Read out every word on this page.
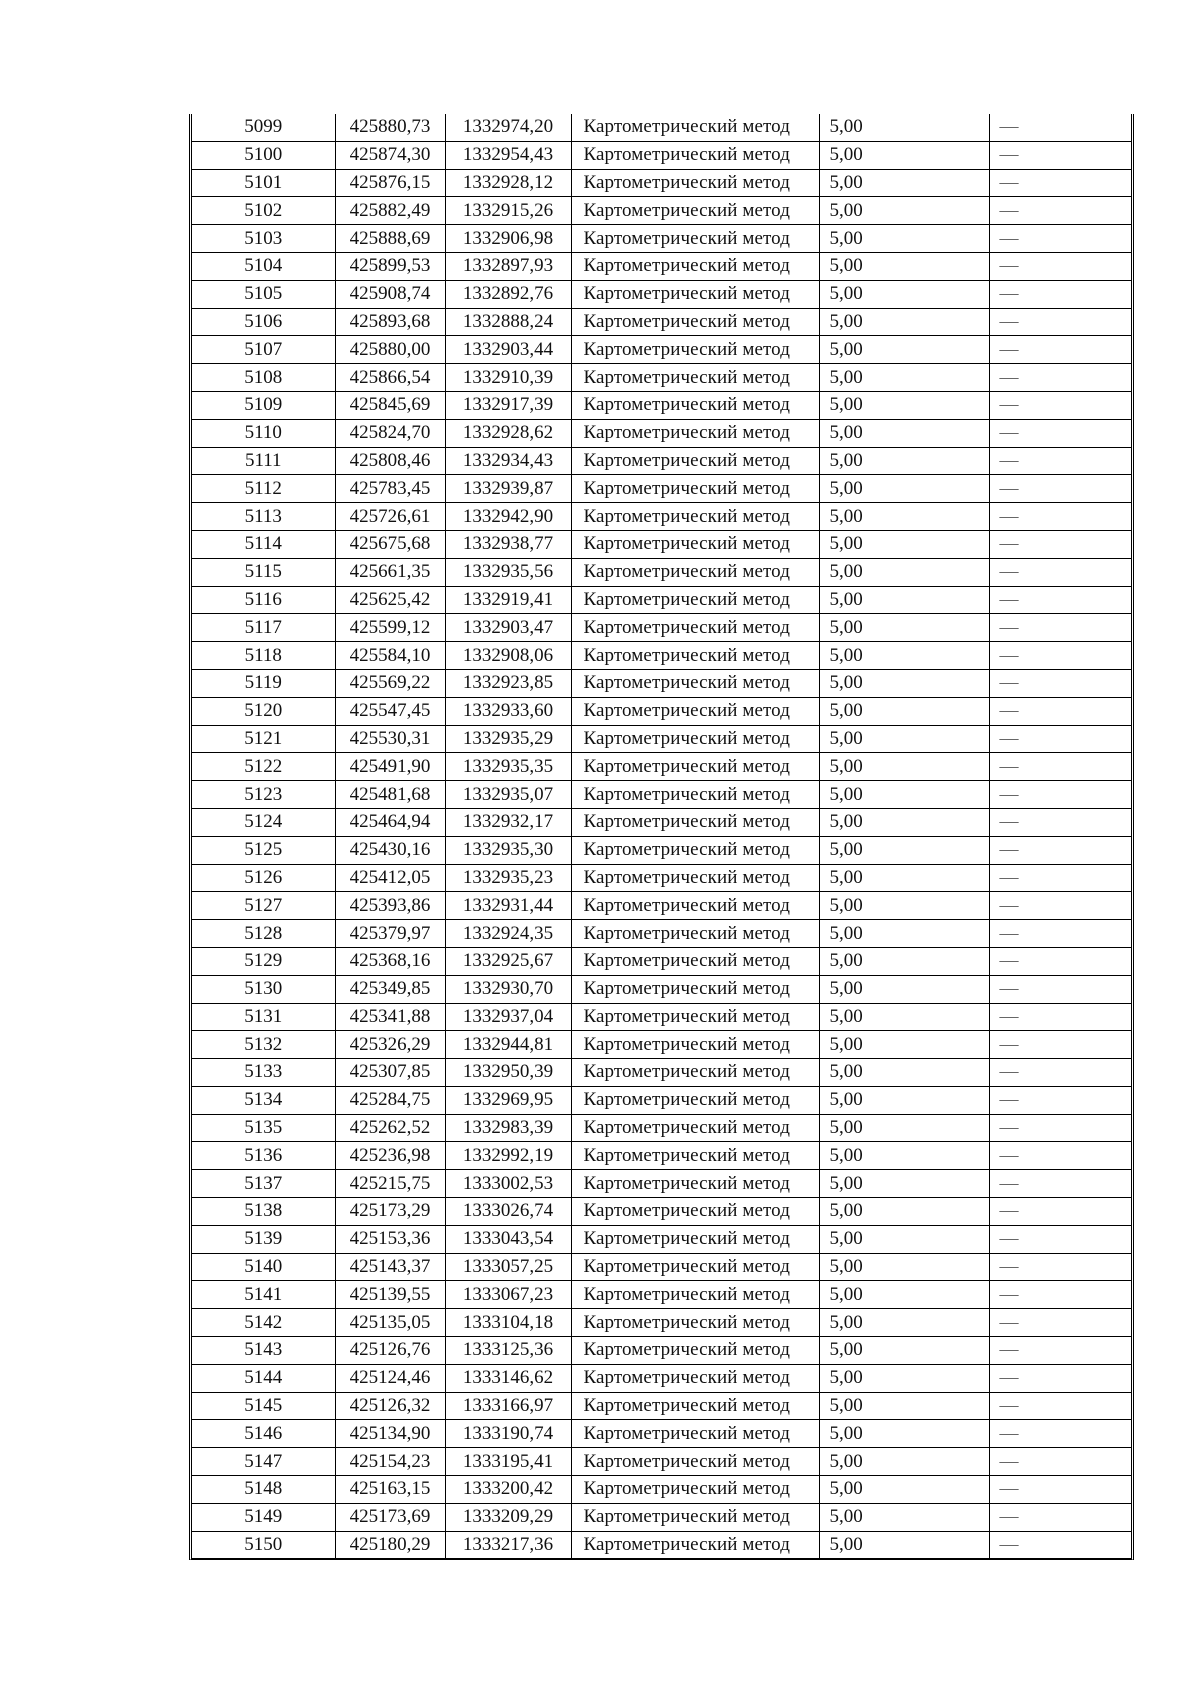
5099	425880,73	1332974,20	Картометрический метод	5,00	—
5100	425874,30	1332954,43	Картометрический метод	5,00	—
5101	425876,15	1332928,12	Картометрический метод	5,00	—
5102	425882,49	1332915,26	Картометрический метод	5,00	—
5103	425888,69	1332906,98	Картометрический метод	5,00	—
5104	425899,53	1332897,93	Картометрический метод	5,00	—
5105	425908,74	1332892,76	Картометрический метод	5,00	—
5106	425893,68	1332888,24	Картометрический метод	5,00	—
5107	425880,00	1332903,44	Картометрический метод	5,00	—
5108	425866,54	1332910,39	Картометрический метод	5,00	—
5109	425845,69	1332917,39	Картометрический метод	5,00	—
5110	425824,70	1332928,62	Картометрический метод	5,00	—
5111	425808,46	1332934,43	Картометрический метод	5,00	—
5112	425783,45	1332939,87	Картометрический метод	5,00	—
5113	425726,61	1332942,90	Картометрический метод	5,00	—
5114	425675,68	1332938,77	Картометрический метод	5,00	—
5115	425661,35	1332935,56	Картометрический метод	5,00	—
5116	425625,42	1332919,41	Картометрический метод	5,00	—
5117	425599,12	1332903,47	Картометрический метод	5,00	—
5118	425584,10	1332908,06	Картометрический метод	5,00	—
5119	425569,22	1332923,85	Картометрический метод	5,00	—
5120	425547,45	1332933,60	Картометрический метод	5,00	—
5121	425530,31	1332935,29	Картометрический метод	5,00	—
5122	425491,90	1332935,35	Картометрический метод	5,00	—
5123	425481,68	1332935,07	Картометрический метод	5,00	—
5124	425464,94	1332932,17	Картометрический метод	5,00	—
5125	425430,16	1332935,30	Картометрический метод	5,00	—
5126	425412,05	1332935,23	Картометрический метод	5,00	—
5127	425393,86	1332931,44	Картометрический метод	5,00	—
5128	425379,97	1332924,35	Картометрический метод	5,00	—
5129	425368,16	1332925,67	Картометрический метод	5,00	—
5130	425349,85	1332930,70	Картометрический метод	5,00	—
5131	425341,88	1332937,04	Картометрический метод	5,00	—
5132	425326,29	1332944,81	Картометрический метод	5,00	—
5133	425307,85	1332950,39	Картометрический метод	5,00	—
5134	425284,75	1332969,95	Картометрический метод	5,00	—
5135	425262,52	1332983,39	Картометрический метод	5,00	—
5136	425236,98	1332992,19	Картометрический метод	5,00	—
5137	425215,75	1333002,53	Картометрический метод	5,00	—
5138	425173,29	1333026,74	Картометрический метод	5,00	—
5139	425153,36	1333043,54	Картометрический метод	5,00	—
5140	425143,37	1333057,25	Картометрический метод	5,00	—
5141	425139,55	1333067,23	Картометрический метод	5,00	—
5142	425135,05	1333104,18	Картометрический метод	5,00	—
5143	425126,76	1333125,36	Картометрический метод	5,00	—
5144	425124,46	1333146,62	Картометрический метод	5,00	—
5145	425126,32	1333166,97	Картометрический метод	5,00	—
5146	425134,90	1333190,74	Картометрический метод	5,00	—
5147	425154,23	1333195,41	Картометрический метод	5,00	—
5148	425163,15	1333200,42	Картометрический метод	5,00	—
5149	425173,69	1333209,29	Картометрический метод	5,00	—
5150	425180,29	1333217,36	Картометрический метод	5,00	—
